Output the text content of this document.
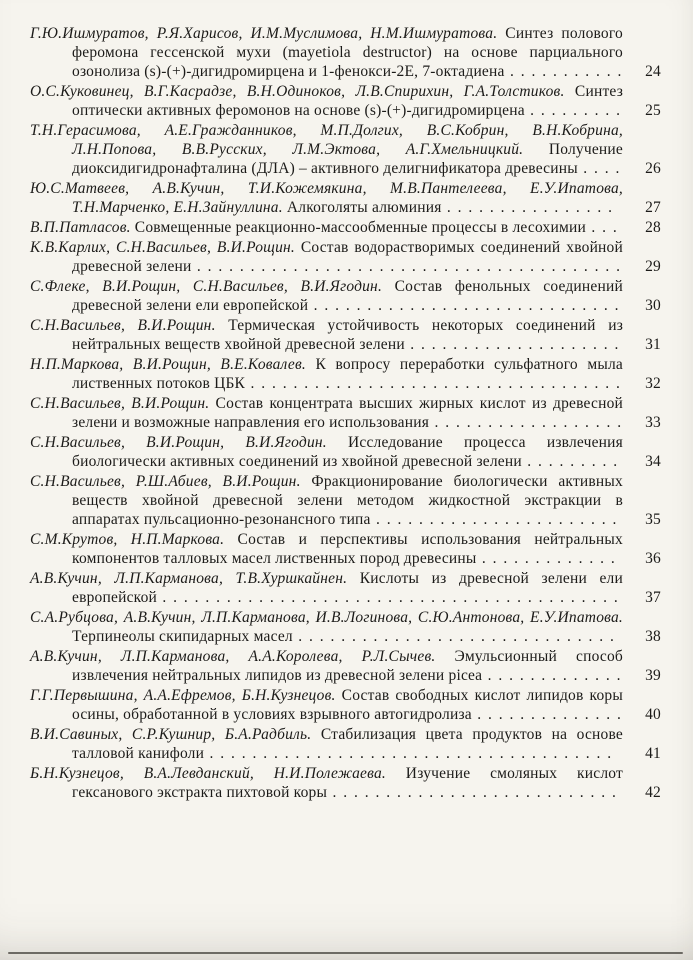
Г.Ю.Ишмуратов, Р.Я.Харисов, И.М.Муслимова, Н.М.Ишмуратова. Синтез полового феромона гессенской мухи (mayetiola destructor) на основе парциального озонолиза (s)-(+)-дигидромирцена и 1-фенокси-2Е, 7-октадиена . . . . . . . . . . . 24
О.С.Куковинец, В.Г.Касрадзе, В.Н.Одиноков, Л.В.Спирихин, Г.А.Толстиков. Синтез оптически активных феромонов на основе (s)-(+)-дигидромирцена . . . . . . . . . 25
Т.Н.Герасимова, А.Е.Гражданников, М.П.Долгих, В.С.Кобрин, В.Н.Кобрина, Л.Н.Попова, В.В.Русских, Л.М.Эктова, А.Г.Хмельницкий. Получение диоксидигидронафталина (ДЛА) – активного делигнификатора древесины . . . . 26
Ю.С.Матвеев, А.В.Кучин, Т.И.Кожемякина, М.В.Пантелеева, Е.У.Ипатова, Т.Н.Марченко, Е.Н.Зайнуллина. Алкоголяты алюминия . . . . . . . . . . . . . . . . 27
В.П.Патласов. Совмещенные реакционно-массообменные процессы в лесохимии . . . 28
К.В.Карлих, С.Н.Васильев, В.И.Рощин. Состав водорастворимых соединений хвойной древесной зелени . . . . . . . . . . . . . . . . . . . . . . . . . . . . . . . . . . . . . . . . 29
С.Флеке, В.И.Рощин, С.Н.Васильев, В.И.Ягодин. Состав фенольных соединений древесной зелени ели европейской . . . . . . . . . . . . . . . . . . . . . . . . . . . . . 30
С.Н.Васильев, В.И.Рощин. Термическая устойчивость некоторых соединений из нейтральных веществ хвойной древесной зелени . . . . . . . . . . . . . . . . . . . . 31
Н.П.Маркова, В.И.Рощин, В.Е.Ковалев. К вопросу переработки сульфатного мыла лиственных потоков ЦБК . . . . . . . . . . . . . . . . . . . . . . . . . . . . . . . . . . . 32
С.Н.Васильев, В.И.Рощин. Состав концентрата высших жирных кислот из древесной зелени и возможные направления его использования . . . . . . . . . . . . . . . . . . 33
С.Н.Васильев, В.И.Рощин, В.И.Ягодин. Исследование процесса извлечения биологически активных соединений из хвойной древесной зелени . . . . . . . . . 34
С.Н.Васильев, Р.Ш.Абиев, В.И.Рощин. Фракционирование биологически активных веществ хвойной древесной зелени методом жидкостной экстракции в аппаратах пульсационно-резонансного типа . . . . . . . . . . . . . . . . . . . . . . . 35
С.М.Крутов, Н.П.Маркова. Состав и перспективы использования нейтральных компонентов талловых масел лиственных пород древесины . . . . . . . . . . . . . 36
А.В.Кучин, Л.П.Карманова, Т.В.Хуршкайнен. Кислоты из древесной зелени ели европейской . . . . . . . . . . . . . . . . . . . . . . . . . . . . . . . . . . . . . . . . . . . 37
С.А.Рубцова, А.В.Кучин, Л.П.Карманова, И.В.Логинова, С.Ю.Антонова, Е.У.Ипатова. Терпинеолы скипидарных масел . . . . . . . . . . . . . . . . . . . . . . . . . . . . . . 38
А.В.Кучин, Л.П.Карманова, А.А.Королева, Р.Л.Сычев. Эмульсионный способ извлечения нейтральных липидов из древесной зелени picea . . . . . . . . . . . . . 39
Г.Г.Первышина, А.А.Ефремов, Б.Н.Кузнецов. Состав свободных кислот липидов коры осины, обработанной в условиях взрывного автогидролиза . . . . . . . . . . . . . . 40
В.И.Савиных, С.Р.Кушнир, Б.А.Радбиль. Стабилизация цвета продуктов на основе талловой канифоли . . . . . . . . . . . . . . . . . . . . . . . . . . . . . . . . . . . . . . 41
Б.Н.Кузнецов, В.А.Левданский, Н.И.Полежаева. Изучение смоляных кислот гексанового экстракта пихтовой коры . . . . . . . . . . . . . . . . . . . . . . . . . . . 42
